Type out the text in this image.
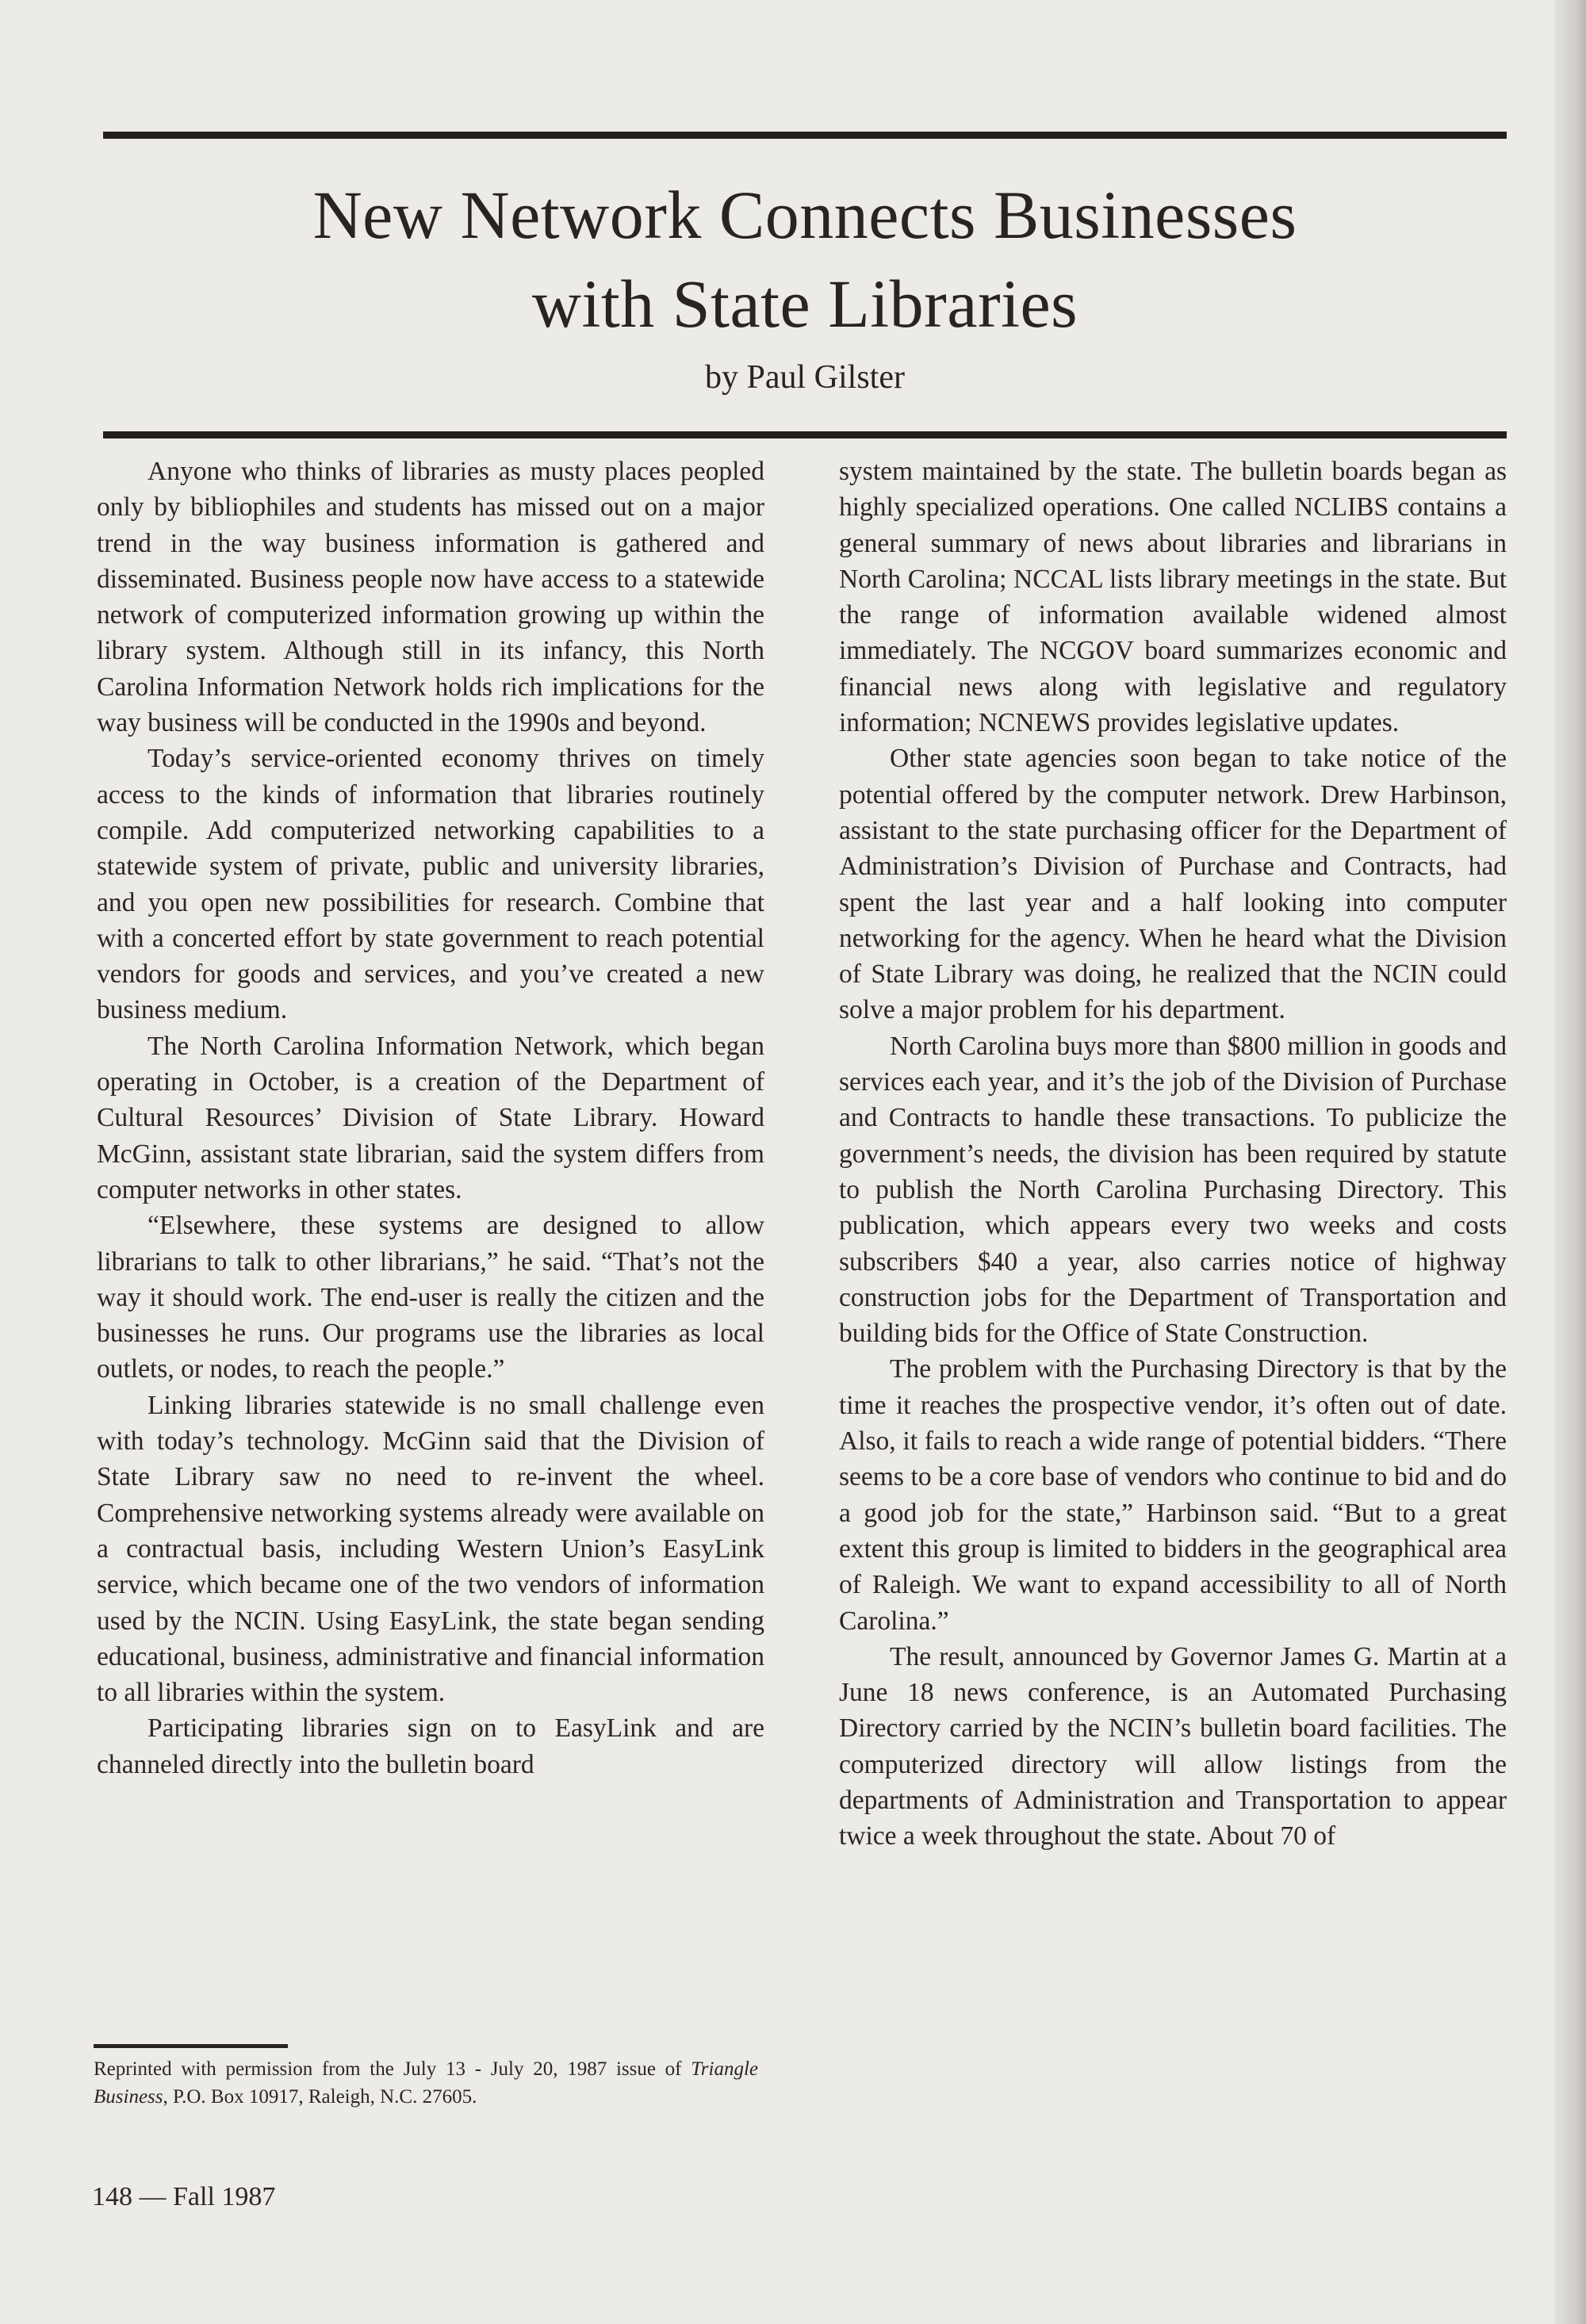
New Network Connects Businesses
with State Libraries
by Paul Gilster

Anyone who thinks of libraries as musty places peopled only by bibliophiles and students has missed out on a major trend in the way business information is gathered and disseminated. Business people now have access to a statewide network of computerized information growing up within the library system. Although still in its infancy, this North Carolina Information Network holds rich implications for the way business will be conducted in the 1990s and beyond.

Today’s service-oriented economy thrives on timely access to the kinds of information that libraries routinely compile. Add computerized networking capabilities to a statewide system of private, public and university libraries, and you open new possibilities for research. Combine that with a concerted effort by state government to reach potential vendors for goods and services, and you’ve created a new business medium.

The North Carolina Information Network, which began operating in October, is a creation of the Department of Cultural Resources’ Division of State Library. Howard McGinn, assistant state librarian, said the system differs from computer networks in other states.

“Elsewhere, these systems are designed to allow librarians to talk to other librarians,” he said. “That’s not the way it should work. The end-user is really the citizen and the businesses he runs. Our programs use the libraries as local outlets, or nodes, to reach the people.”

Linking libraries statewide is no small challenge even with today’s technology. McGinn said that the Division of State Library saw no need to re-invent the wheel. Comprehensive networking systems already were available on a contractual basis, including Western Union’s EasyLink service, which became one of the two vendors of information used by the NCIN. Using EasyLink, the state began sending educational, business, administrative and financial information to all libraries within the system.

Participating libraries sign on to EasyLink and are channeled directly into the bulletin board

system maintained by the state. The bulletin boards began as highly specialized operations. One called NCLIBS contains a general summary of news about libraries and librarians in North Carolina; NCCAL lists library meetings in the state. But the range of information available widened almost immediately. The NCGOV board summarizes economic and financial news along with legislative and regulatory information; NCNEWS provides legislative updates.

Other state agencies soon began to take notice of the potential offered by the computer network. Drew Harbinson, assistant to the state purchasing officer for the Department of Administration’s Division of Purchase and Contracts, had spent the last year and a half looking into computer networking for the agency. When he heard what the Division of State Library was doing, he realized that the NCIN could solve a major problem for his department.

North Carolina buys more than $800 million in goods and services each year, and it’s the job of the Division of Purchase and Contracts to handle these transactions. To publicize the government’s needs, the division has been required by statute to publish the North Carolina Purchasing Directory. This publication, which appears every two weeks and costs subscribers $40 a year, also carries notice of highway construction jobs for the Department of Transportation and building bids for the Office of State Construction.

The problem with the Purchasing Directory is that by the time it reaches the prospective vendor, it’s often out of date. Also, it fails to reach a wide range of potential bidders. “There seems to be a core base of vendors who continue to bid and do a good job for the state,” Harbinson said. “But to a great extent this group is limited to bidders in the geographical area of Raleigh. We want to expand accessibility to all of North Carolina.”

The result, announced by Governor James G. Martin at a June 18 news conference, is an Automated Purchasing Directory carried by the NCIN’s bulletin board facilities. The computerized directory will allow listings from the departments of Administration and Transportation to appear twice a week throughout the state. About 70 of

Reprinted with permission from the July 13 - July 20, 1987 issue of Triangle Business, P.O. Box 10917, Raleigh, N.C. 27605.
148 — Fall 1987
